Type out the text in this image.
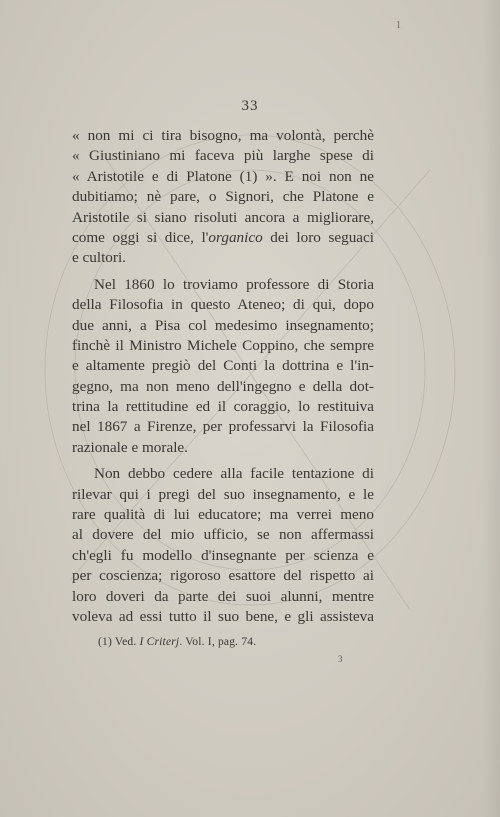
1
33
« non mi ci tira bisogno, ma volontà, perchè
« Giustiniano mi faceva più larghe spese di
« Aristotile e di Platone (1) ». E noi non ne
dubitiamo; nè pare, o Signori, che Platone e
Aristotile si siano risoluti ancora a migliorare,
come oggi si dice, l'organico dei loro seguaci
e cultori.
Nel 1860 lo troviamo professore di Storia
della Filosofia in questo Ateneo; di qui, dopo
due anni, a Pisa col medesimo insegnamento;
finchè il Ministro Michele Coppino, che sempre
e altamente pregiò del Conti la dottrina e l'in-
gegno, ma non meno dell'ingegno e della dot-
trina la rettitudine ed il coraggio, lo restituiva
nel 1867 a Firenze, per professarvi la Filosofia
razionale e morale.
Non debbo cedere alla facile tentazione di
rilevar qui i pregi del suo insegnamento, e le
rare qualità di lui educatore; ma verrei meno
al dovere del mio ufficio, se non affermassi
ch'egli fu modello d'insegnante per scienza e
per coscienza; rigoroso esattore del rispetto ai
loro doveri da parte dei suoi alunni, mentre
voleva ad essi tutto il suo bene, e gli assisteva
(1) Ved. I Criterj. Vol. I, pag. 74.
3
